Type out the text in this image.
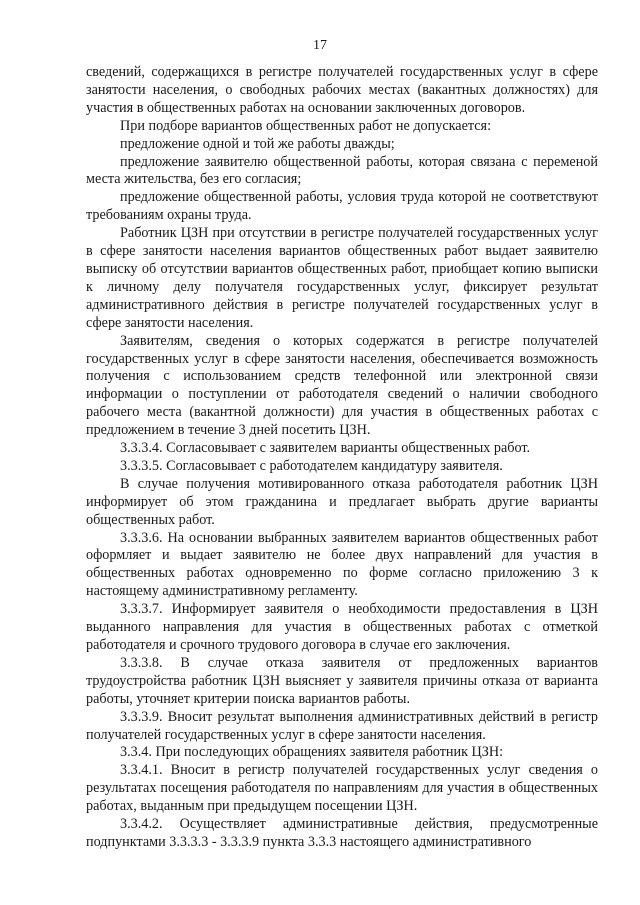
17

сведений, содержащихся в регистре получателей государственных услуг в сфере занятости населения, о свободных рабочих местах (вакантных должностях) для участия в общественных работах на основании заключенных договоров.

При подборе вариантов общественных работ не допускается:

предложение одной и той же работы дважды;

предложение заявителю общественной работы, которая связана с переменой места жительства, без его согласия;

предложение общественной работы, условия труда которой не соответствуют требованиям охраны труда.

Работник ЦЗН при отсутствии в регистре получателей государственных услуг в сфере занятости населения вариантов общественных работ выдает заявителю выписку об отсутствии вариантов общественных работ, приобщает копию выписки к личному делу получателя государственных услуг, фиксирует результат административного действия в регистре получателей государственных услуг в сфере занятости населения.

Заявителям, сведения о которых содержатся в регистре получателей государственных услуг в сфере занятости населения, обеспечивается возможность получения с использованием средств телефонной или электронной связи информации о поступлении от работодателя сведений о наличии свободного рабочего места (вакантной должности) для участия в общественных работах с предложением в течение 3 дней посетить ЦЗН.

3.3.3.4. Согласовывает с заявителем варианты общественных работ.

3.3.3.5. Согласовывает с работодателем кандидатуру заявителя.

В случае получения мотивированного отказа работодателя работник ЦЗН информирует об этом гражданина и предлагает выбрать другие варианты общественных работ.

3.3.3.6. На основании выбранных заявителем вариантов общественных работ оформляет и выдает заявителю не более двух направлений для участия в общественных работах одновременно по форме согласно приложению 3 к настоящему административному регламенту.

3.3.3.7. Информирует заявителя о необходимости предоставления в ЦЗН выданного направления для участия в общественных работах с отметкой работодателя и срочного трудового договора в случае его заключения.

3.3.3.8. В случае отказа заявителя от предложенных вариантов трудоустройства работник ЦЗН выясняет у заявителя причины отказа от варианта работы, уточняет критерии поиска вариантов работы.

3.3.3.9. Вносит результат выполнения административных действий в регистр получателей государственных услуг в сфере занятости населения.

3.3.4. При последующих обращениях заявителя работник ЦЗН:

3.3.4.1. Вносит в регистр получателей государственных услуг сведения о результатах посещения работодателя по направлениям для участия в общественных работах, выданным при предыдущем посещении ЦЗН.

3.3.4.2. Осуществляет административные действия, предусмотренные подпунктами 3.3.3.3 - 3.3.3.9 пункта 3.3.3 настоящего административного
